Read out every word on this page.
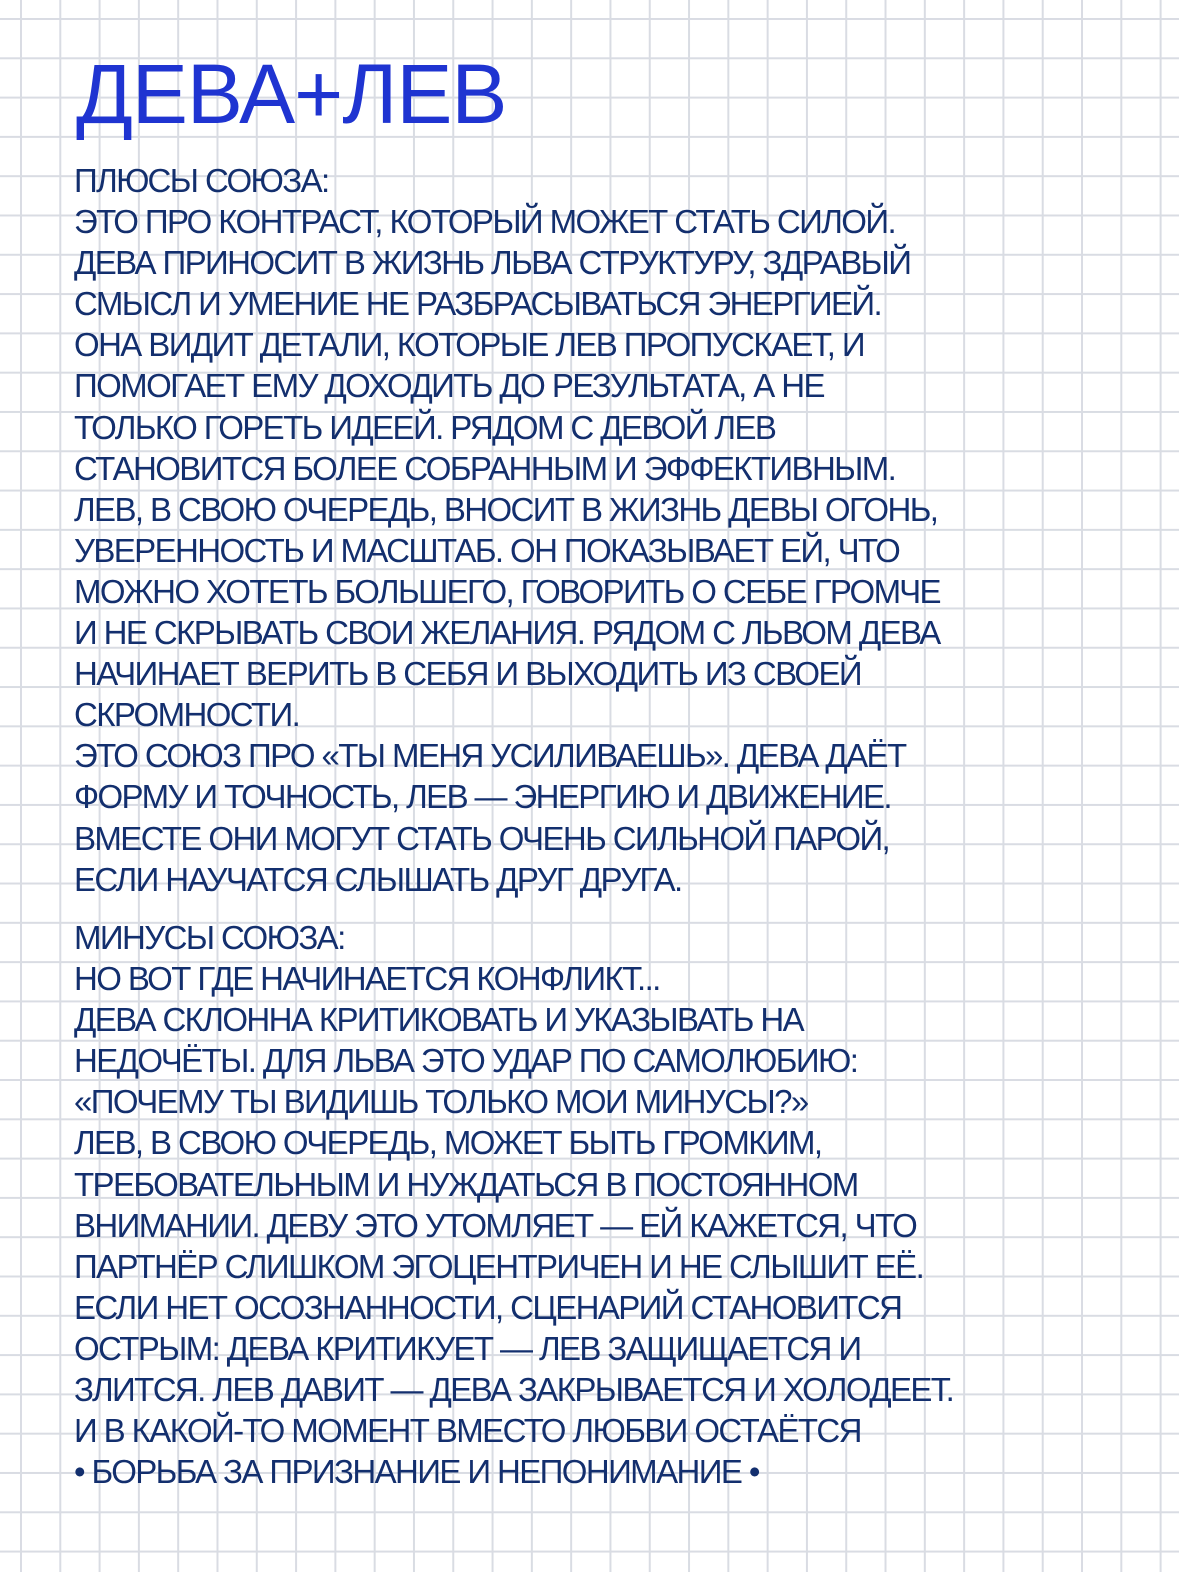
ДЕВА+ЛЕВ
ПЛЮСЫ СОЮЗА:
ЭТО ПРО КОНТРАСТ, КОТОРЫЙ МОЖЕТ СТАТЬ СИЛОЙ.
ДЕВА ПРИНОСИТ В ЖИЗНЬ ЛЬВА СТРУКТУРУ, ЗДРАВЫЙ
СМЫСЛ И УМЕНИЕ НЕ РАЗБРАСЫВАТЬСЯ ЭНЕРГИЕЙ.
ОНА ВИДИТ ДЕТАЛИ, КОТОРЫЕ ЛЕВ ПРОПУСКАЕТ, И
ПОМОГАЕТ ЕМУ ДОХОДИТЬ ДО РЕЗУЛЬТАТА, А НЕ
ТОЛЬКО ГОРЕТЬ ИДЕЕЙ. РЯДОМ С ДЕВОЙ ЛЕВ
СТАНОВИТСЯ БОЛЕЕ СОБРАННЫМ И ЭФФЕКТИВНЫМ.
ЛЕВ, В СВОЮ ОЧЕРЕДЬ, ВНОСИТ В ЖИЗНЬ ДЕВЫ ОГОНЬ,
УВЕРЕННОСТЬ И МАСШТАБ. ОН ПОКАЗЫВАЕТ ЕЙ, ЧТО
МОЖНО ХОТЕТЬ БОЛЬШЕГО, ГОВОРИТЬ О СЕБЕ ГРОМЧЕ
И НЕ СКРЫВАТЬ СВОИ ЖЕЛАНИЯ. РЯДОМ С ЛЬВОМ ДЕВА
НАЧИНАЕТ ВЕРИТЬ В СЕБЯ И ВЫХОДИТЬ ИЗ СВОЕЙ
СКРОМНОСТИ.
ЭТО СОЮЗ ПРО «ТЫ МЕНЯ УСИЛИВАЕШЬ». ДЕВА ДАЁТ
ФОРМУ И ТОЧНОСТЬ, ЛЕВ — ЭНЕРГИЮ И ДВИЖЕНИЕ.
ВМЕСТЕ ОНИ МОГУТ СТАТЬ ОЧЕНЬ СИЛЬНОЙ ПАРОЙ,
ЕСЛИ НАУЧАТСЯ СЛЫШАТЬ ДРУГ ДРУГА.
МИНУСЫ СОЮЗА:
НО ВОТ ГДЕ НАЧИНАЕТСЯ КОНФЛИКТ...
ДЕВА СКЛОННА КРИТИКОВАТЬ И УКАЗЫВАТЬ НА
НЕДОЧЁТЫ. ДЛЯ ЛЬВА ЭТО УДАР ПО САМОЛЮБИЮ:
«ПОЧЕМУ ТЫ ВИДИШЬ ТОЛЬКО МОИ МИНУСЫ?»
ЛЕВ, В СВОЮ ОЧЕРЕДЬ, МОЖЕТ БЫТЬ ГРОМКИМ,
ТРЕБОВАТЕЛЬНЫМ И НУЖДАТЬСЯ В ПОСТОЯННОМ
ВНИМАНИИ. ДЕВУ ЭТО УТОМЛЯЕТ — ЕЙ КАЖЕТСЯ, ЧТО
ПАРТНЁР СЛИШКОМ ЭГОЦЕНТРИЧЕН И НЕ СЛЫШИТ ЕЁ.
ЕСЛИ НЕТ ОСОЗНАННОСТИ, СЦЕНАРИЙ СТАНОВИТСЯ
ОСТРЫМ: ДЕВА КРИТИКУЕТ — ЛЕВ ЗАЩИЩАЕТСЯ И
ЗЛИТСЯ. ЛЕВ ДАВИТ — ДЕВА ЗАКРЫВАЕТСЯ И ХОЛОДЕЕТ.
И В КАКОЙ-ТО МОМЕНТ ВМЕСТО ЛЮБВИ ОСТАЁТСЯ
• БОРЬБА ЗА ПРИЗНАНИЕ И НЕПОНИМАНИЕ •
